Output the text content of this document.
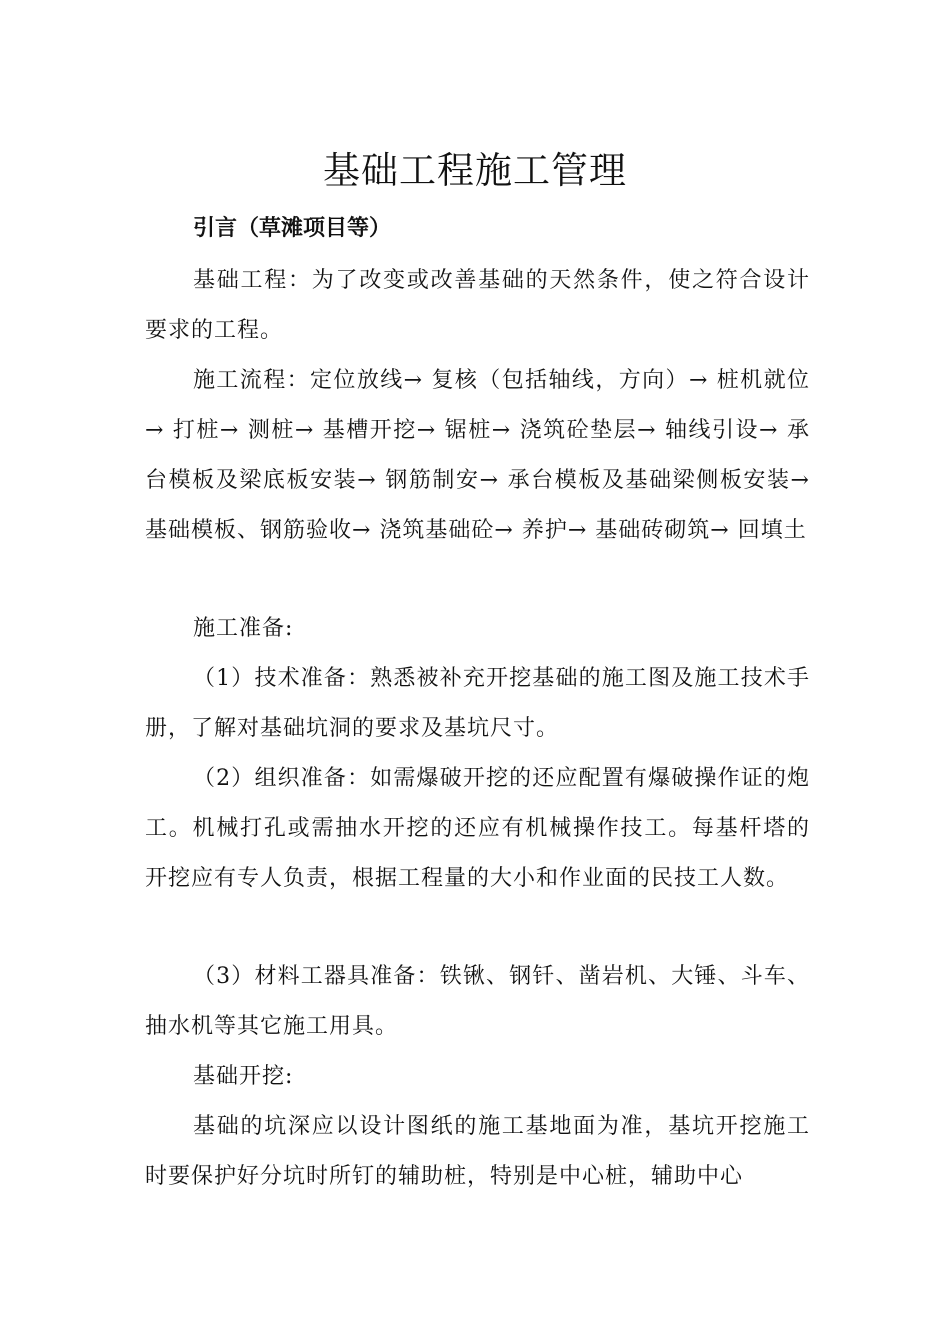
基础工程施工管理

引言（草滩项目等）

基础工程：为了改变或改善基础的天然条件，使之符合设计要求的工程。

施工流程：定位放线→ 复核（包括轴线，方向）→ 桩机就位→ 打桩→ 测桩→ 基槽开挖→ 锯桩→ 浇筑砼垫层→ 轴线引设→ 承台模板及梁底板安装→ 钢筋制安→ 承台模板及基础梁侧板安装→ 基础模板、钢筋验收→ 浇筑基础砼→ 养护→ 基础砖砌筑→ 回填土

施工准备:

（1）技术准备：熟悉被补充开挖基础的施工图及施工技术手册，了解对基础坑洞的要求及基坑尺寸。

（2）组织准备：如需爆破开挖的还应配置有爆破操作证的炮工。机械打孔或需抽水开挖的还应有机械操作技工。每基杆塔的开挖应有专人负责，根据工程量的大小和作业面的民技工人数。

（3）材料工器具准备：铁锹、钢钎、凿岩机、大锤、斗车、抽水机等其它施工用具。

基础开挖:

基础的坑深应以设计图纸的施工基地面为准，基坑开挖施工时要保护好分坑时所钉的辅助桩，特别是中心桩，辅助中心
